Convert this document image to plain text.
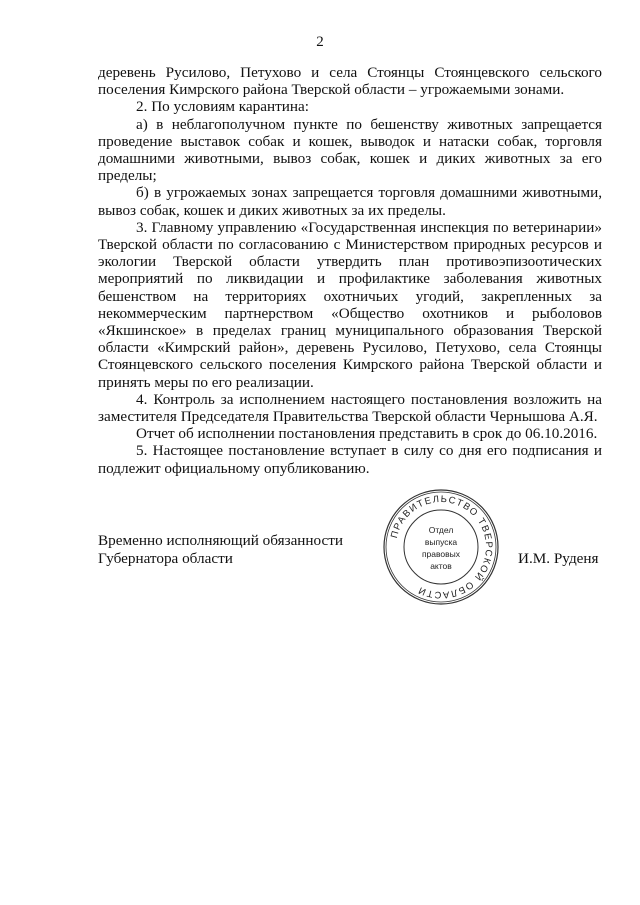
2

деревень Русилово, Петухово и села Стоянцы Стоянцевского сельского поселения Кимрского района Тверской области – угрожаемыми зонами.

2. По условиям карантина:

а) в неблагополучном пункте по бешенству животных запрещается проведение выставок собак и кошек, выводок и натаски собак, торговля домашними животными, вывоз собак, кошек и диких животных за его пределы;

б) в угрожаемых зонах запрещается торговля домашними животными, вывоз собак, кошек и диких животных за их пределы.

3. Главному управлению «Государственная инспекция по ветеринарии» Тверской области по согласованию с Министерством природных ресурсов и экологии Тверской области утвердить план противоэпизоотических мероприятий по ликвидации и профилактике заболевания животных бешенством на территориях охотничьих угодий, закрепленных за некоммерческим партнерством «Общество охотников и рыболовов «Якшинское» в пределах границ муниципального образования Тверской области «Кимрский район», деревень Русилово, Петухово, села Стоянцы Стоянцевского сельского поселения Кимрского района Тверской области и принять меры по его реализации.

4. Контроль за исполнением настоящего постановления возложить на заместителя Председателя Правительства Тверской области Чернышова А.Я.

Отчет об исполнении постановления представить в срок до 06.10.2016.

5. Настоящее постановление вступает в силу со дня его подписания и подлежит официальному опубликованию.

Временно исполняющий обязанности
Губернатора области	И.М. Руденя
ПРАВИТЕЛЬСТВО ТВЕРСКОЙ ОБЛАСТИ
Отдел
выпуска
правовых
актов
